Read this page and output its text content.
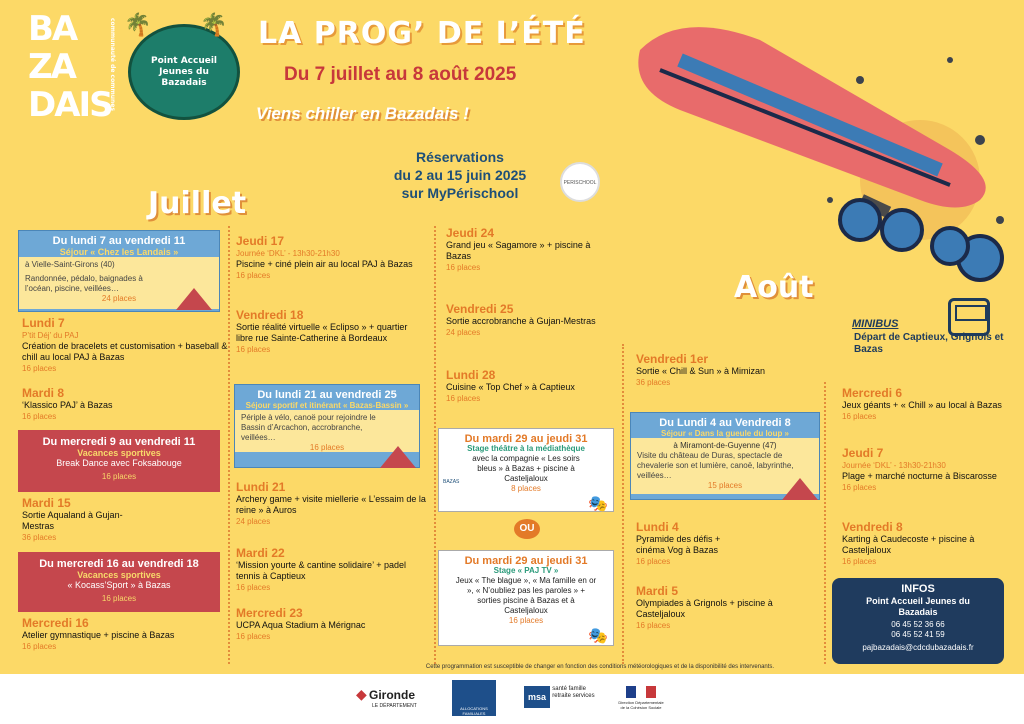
BA
ZA
DAIS
communauté de communes	Point Accueil Jeunes du Bazadais
🌴 🌴 LA PROG’ DE L’ÉTÉ
Du 7 juillet au 8 août 2025
Viens chiller en Bazadais !
Réservations
du 2 au 15 juin 2025
sur MyPérischool
PERISCHOOL
Juillet
Août
MINIBUS
Départ de Captieux, Grignols et Bazas
Du lundi 7 au vendredi 11
Séjour « Chez les Landais »
à Vielle-Saint-Girons (40)
Randonnée, pédalo, baignades à l’océan, piscine, veillées…
24 places
Lundi 7
P’tit Déj’ du PAJ
Création de bracelets et customisation + baseball & chill au local PAJ à Bazas
16 places
Mardi 8
‘Klassico PAJ’ à Bazas
16 places
Du mercredi 9 au vendredi 11
Vacances sportives
Break Dance avec Foksabouge
16 places
Mardi 15
Sortie Aqualand à Gujan-Mestras
36 places
Du mercredi 16 au vendredi 18
Vacances sportives
« Kocass’Sport » à Bazas
16 places
Mercredi 16
Atelier gymnastique + piscine à Bazas
16 places
Jeudi 17
Journée ‘DKL’ - 13h30-21h30
Piscine + ciné plein air au local PAJ à Bazas
16 places
Vendredi 18
Sortie réalité virtuelle « Eclipso » + quartier libre rue Sainte-Catherine à Bordeaux
16 places
Du lundi 21 au vendredi 25
Séjour sportif et itinérant « Bazas-Bassin »
Périple à vélo, canoë pour rejoindre le Bassin d’Arcachon, accrobranche, veillées…
16 places
Lundi 21
Archery game + visite miellerie « L’essaim de la reine » à Auros
24 places
Mardi 22
‘Mission yourte & cantine solidaire’ + padel tennis à Captieux
16 places
Mercredi 23
UCPA Aqua Stadium à Mérignac
16 places
Jeudi 24
Grand jeu « Sagamore » + piscine à Bazas
16 places
Vendredi 25
Sortie accrobranche à Gujan-Mestras
24 places
Lundi 28
Cuisine « Top Chef » à Captieux
16 places
Du mardi 29 au jeudi 31
Stage théâtre à la médiathèque
avec la compagnie « Les soirs bleus » à Bazas + piscine à Casteljaloux
8 places
BAZAS
🎭
OU
Du mardi 29 au jeudi 31
Stage « PAJ TV »
Jeux « The blague », « Ma famille en or », « N’oubliez pas les paroles » + sorties piscine à Bazas et à Casteljaloux
16 places
🎭
Vendredi 1er
Sortie « Chill & Sun » à Mimizan
36 places
Du Lundi 4 au Vendredi 8
Séjour « Dans la gueule du loup »
à Miramont-de-Guyenne (47)
Visite du château de Duras, spectacle de chevalerie son et lumière, canoë, labyrinthe, veillées…
15 places
Lundi 4
Pyramide des défis + cinéma Vog à Bazas
16 places
Mardi 5
Olympiades à Grignols + piscine à Casteljaloux
16 places
Mercredi 6
Jeux géants + « Chill » au local à Bazas
16 places
Jeudi 7
Journée ‘DKL’ - 13h30-21h30
Plage + marché nocturne à Biscarosse
16 places
Vendredi 8
Karting à Caudecoste + piscine à Casteljaloux
16 places
INFOS
Point Accueil Jeunes du Bazadais
06 45 52 36 66
06 45 52 41 59
pajbazadais@cdcdubazadais.fr
Cette programmation est susceptible de changer en fonction des conditions météorologiques et de la disponibilité des intervenants.
◆ Gironde
LE DÉPARTEMENT	ALLOCATIONS FAMILIALES
msa santé famille retraite services
Direction Départementale de la Cohésion Sociale
